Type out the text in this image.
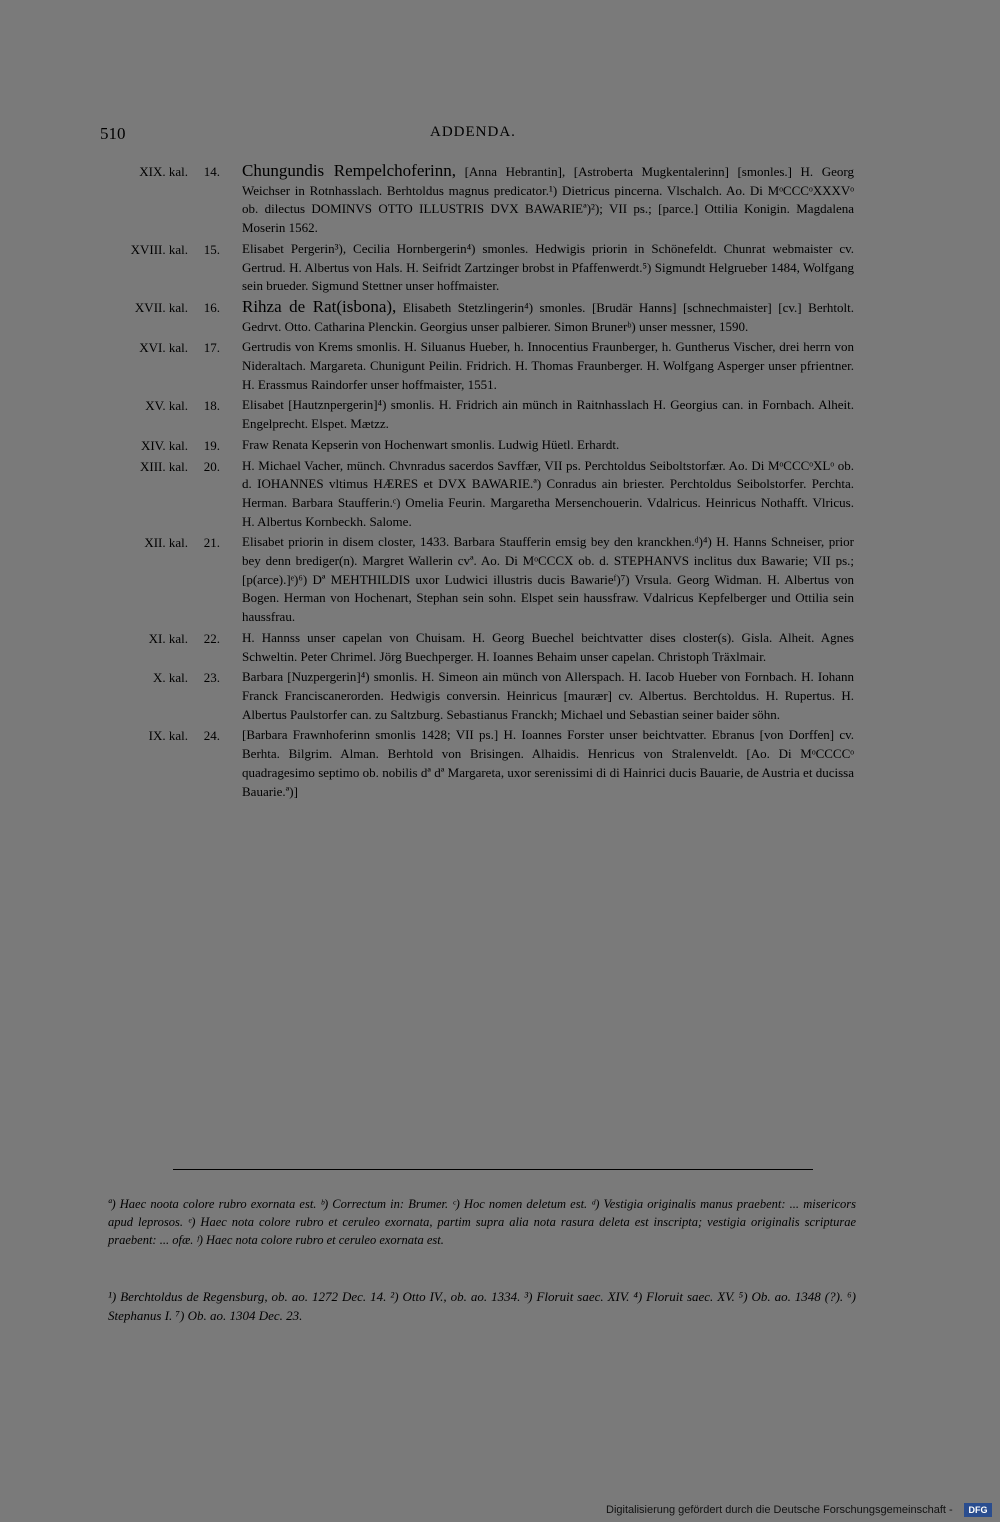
510	ADDENDA.
XIX. kal.	14. Chungundis Rempelchoferinn, [Anna Hebrantin], [Astroberta Mugkentalerinn] [smonles.] H. Georg Weichser in Rotnhasslach. Berhtoldus magnus predicator.¹) Dietricus pincerna. Vlschalch. Ao. Di MᵒCCCᵒXXXVᵒ ob. dilectus DOMINVS OTTO ILLUSTRIS DVX BAWARIEª)²); VII ps.; [parce.] Ottilia Konigin. Magdalena Moserin 1562.
XVIII. kal.	15. Elisabet Pergerin³), Cecilia Hornbergerin⁴) smonles. Hedwigis priorin in Schönefeldt. Chunrat webmaister cv. Gertrud. H. Albertus von Hals. H. Seifridt Zartzinger brobst in Pfaffenwerdt.⁵) Sigmundt Helgrueber 1484, Wolfgang sein brueder. Sigmund Stettner unser hoffmaister.
XVII. kal.	16. Rihza de Rat(isbona), Elisabeth Stetzlingerin⁴) smonles. [Brudär Hanns] [schnechmaister] [cv.] Berhtolt. Gedrvt. Otto. Catharina Plenckin. Georgius unser palbierer. Simon Brunerᵇ) unser messner, 1590.
XVI. kal.	17. Gertrudis von Krems smonlis. H. Siluanus Hueber, h. Innocentius Fraunberger, h. Guntherus Vischer, drei herrn von Nideraltach. Margareta. Chunigunt Peilin. Fridrich. H. Thomas Fraunberger. H. Wolfgang Asperger unser pfrientner. H. Erassmus Raindorfer unser hoffmaister, 1551.
XV. kal.	18. Elisabet [Hautznpergerin]⁴) smonlis. H. Fridrich ain münch in Raitnhasslach H. Georgius can. in Fornbach. Alheit. Engelprecht. Elspet. Mætzz.
XIV. kal.	19. Fraw Renata Kepserin von Hochenwart smonlis. Ludwig Hüetl. Erhardt.
XIII. kal.	20. H. Michael Vacher, münch. Chvnradus sacerdos Savffær, VII ps. Perchtoldus Seiboltstorfær. Ao. Di MᵒCCCᵒXLᵒ ob. d. IOHANNES vltimus HÆRES et DVX BAWARIE.ª) Conradus ain briester. Perchtoldus Seibolstorfer. Perchta. Herman. Barbara Staufferin.ᶜ) Omelia Feurin. Margaretha Mersenchouerin. Vdalricus. Heinricus Nothafft. Vlricus. H. Albertus Kornbeckh. Salome.
XII. kal.	21. Elisabet priorin in disem closter, 1433. Barbara Staufferin emsig bey den kranckhen.ᵈ)⁴) H. Hanns Schneiser, prior bey denn brediger(n). Margret Wallerin cvª. Ao. Di MᵒCCCX ob. d. STEPHANVS inclitus dux Bawarie; VII ps.; [p(arce).]ᵉ)⁶) Dª MEHTHILDIS uxor Ludwici illustris ducis Bawarieᶠ)⁷) Vrsula. Georg Widman. H. Albertus von Bogen. Herman von Hochenart, Stephan sein sohn. Elspet sein haussfraw. Vdalricus Kepfelberger und Ottilia sein haussfrau.
XI. kal.	22. H. Hannss unser capelan von Chuisam. H. Georg Buechel beichtvatter dises closter(s). Gisla. Alheit. Agnes Schweltin. Peter Chrimel. Jörg Buechperger. H. Ioannes Behaim unser capelan. Christoph Träxlmair.
X. kal.	23. Barbara [Nuzpergerin]⁴) smonlis. H. Simeon ain münch von Allerspach. H. Iacob Hueber von Fornbach. H. Iohann Franck Franciscanerorden. Hedwigis conversin. Heinricus [maurær] cv. Albertus. Berchtoldus. H. Rupertus. H. Albertus Paulstorfer can. zu Saltzburg. Sebastianus Franckh; Michael und Sebastian seiner baider söhn.
IX. kal.	24. [Barbara Frawnhoferinn smonlis 1428; VII ps.] H. Ioannes Forster unser beichtvatter. Ebranus [von Dorffen] cv. Berhta. Bilgrim. Alman. Berhtold von Brisingen. Alhaidis. Henricus von Stralenveldt. [Ao. Di MᵒCCCCᵒ quadragesimo septimo ob. nobilis dª dª Margareta, uxor serenissimi di di Hainrici ducis Bauarie, de Austria et ducissa Bauarie.ª)]
ª) Haec noota colore rubro exornata est. ᵇ) Correctum in: Brumer. ᶜ) Hoc nomen deletum est. ᵈ) Vestigia originalis manus praebent: ... misericors apud leprosos. ᵉ) Haec nota colore rubro et ceruleo exornata, partim supra alia nota rasura deleta est inscripta; vestigia originalis scripturae praebent: ... ofæ. ᶠ) Haec nota colore rubro et ceruleo exornata est.
¹) Berchtoldus de Regensburg, ob. ao. 1272 Dec. 14. ²) Otto IV., ob. ao. 1334. ³) Floruit saec. XIV. ⁴) Floruit saec. XV. ⁵) Ob. ao. 1348 (?). ⁶) Stephanus I. ⁷) Ob. ao. 1304 Dec. 23.
Digitalisierung gefördert durch die Deutsche Forschungsgemeinschaft -	DFG
